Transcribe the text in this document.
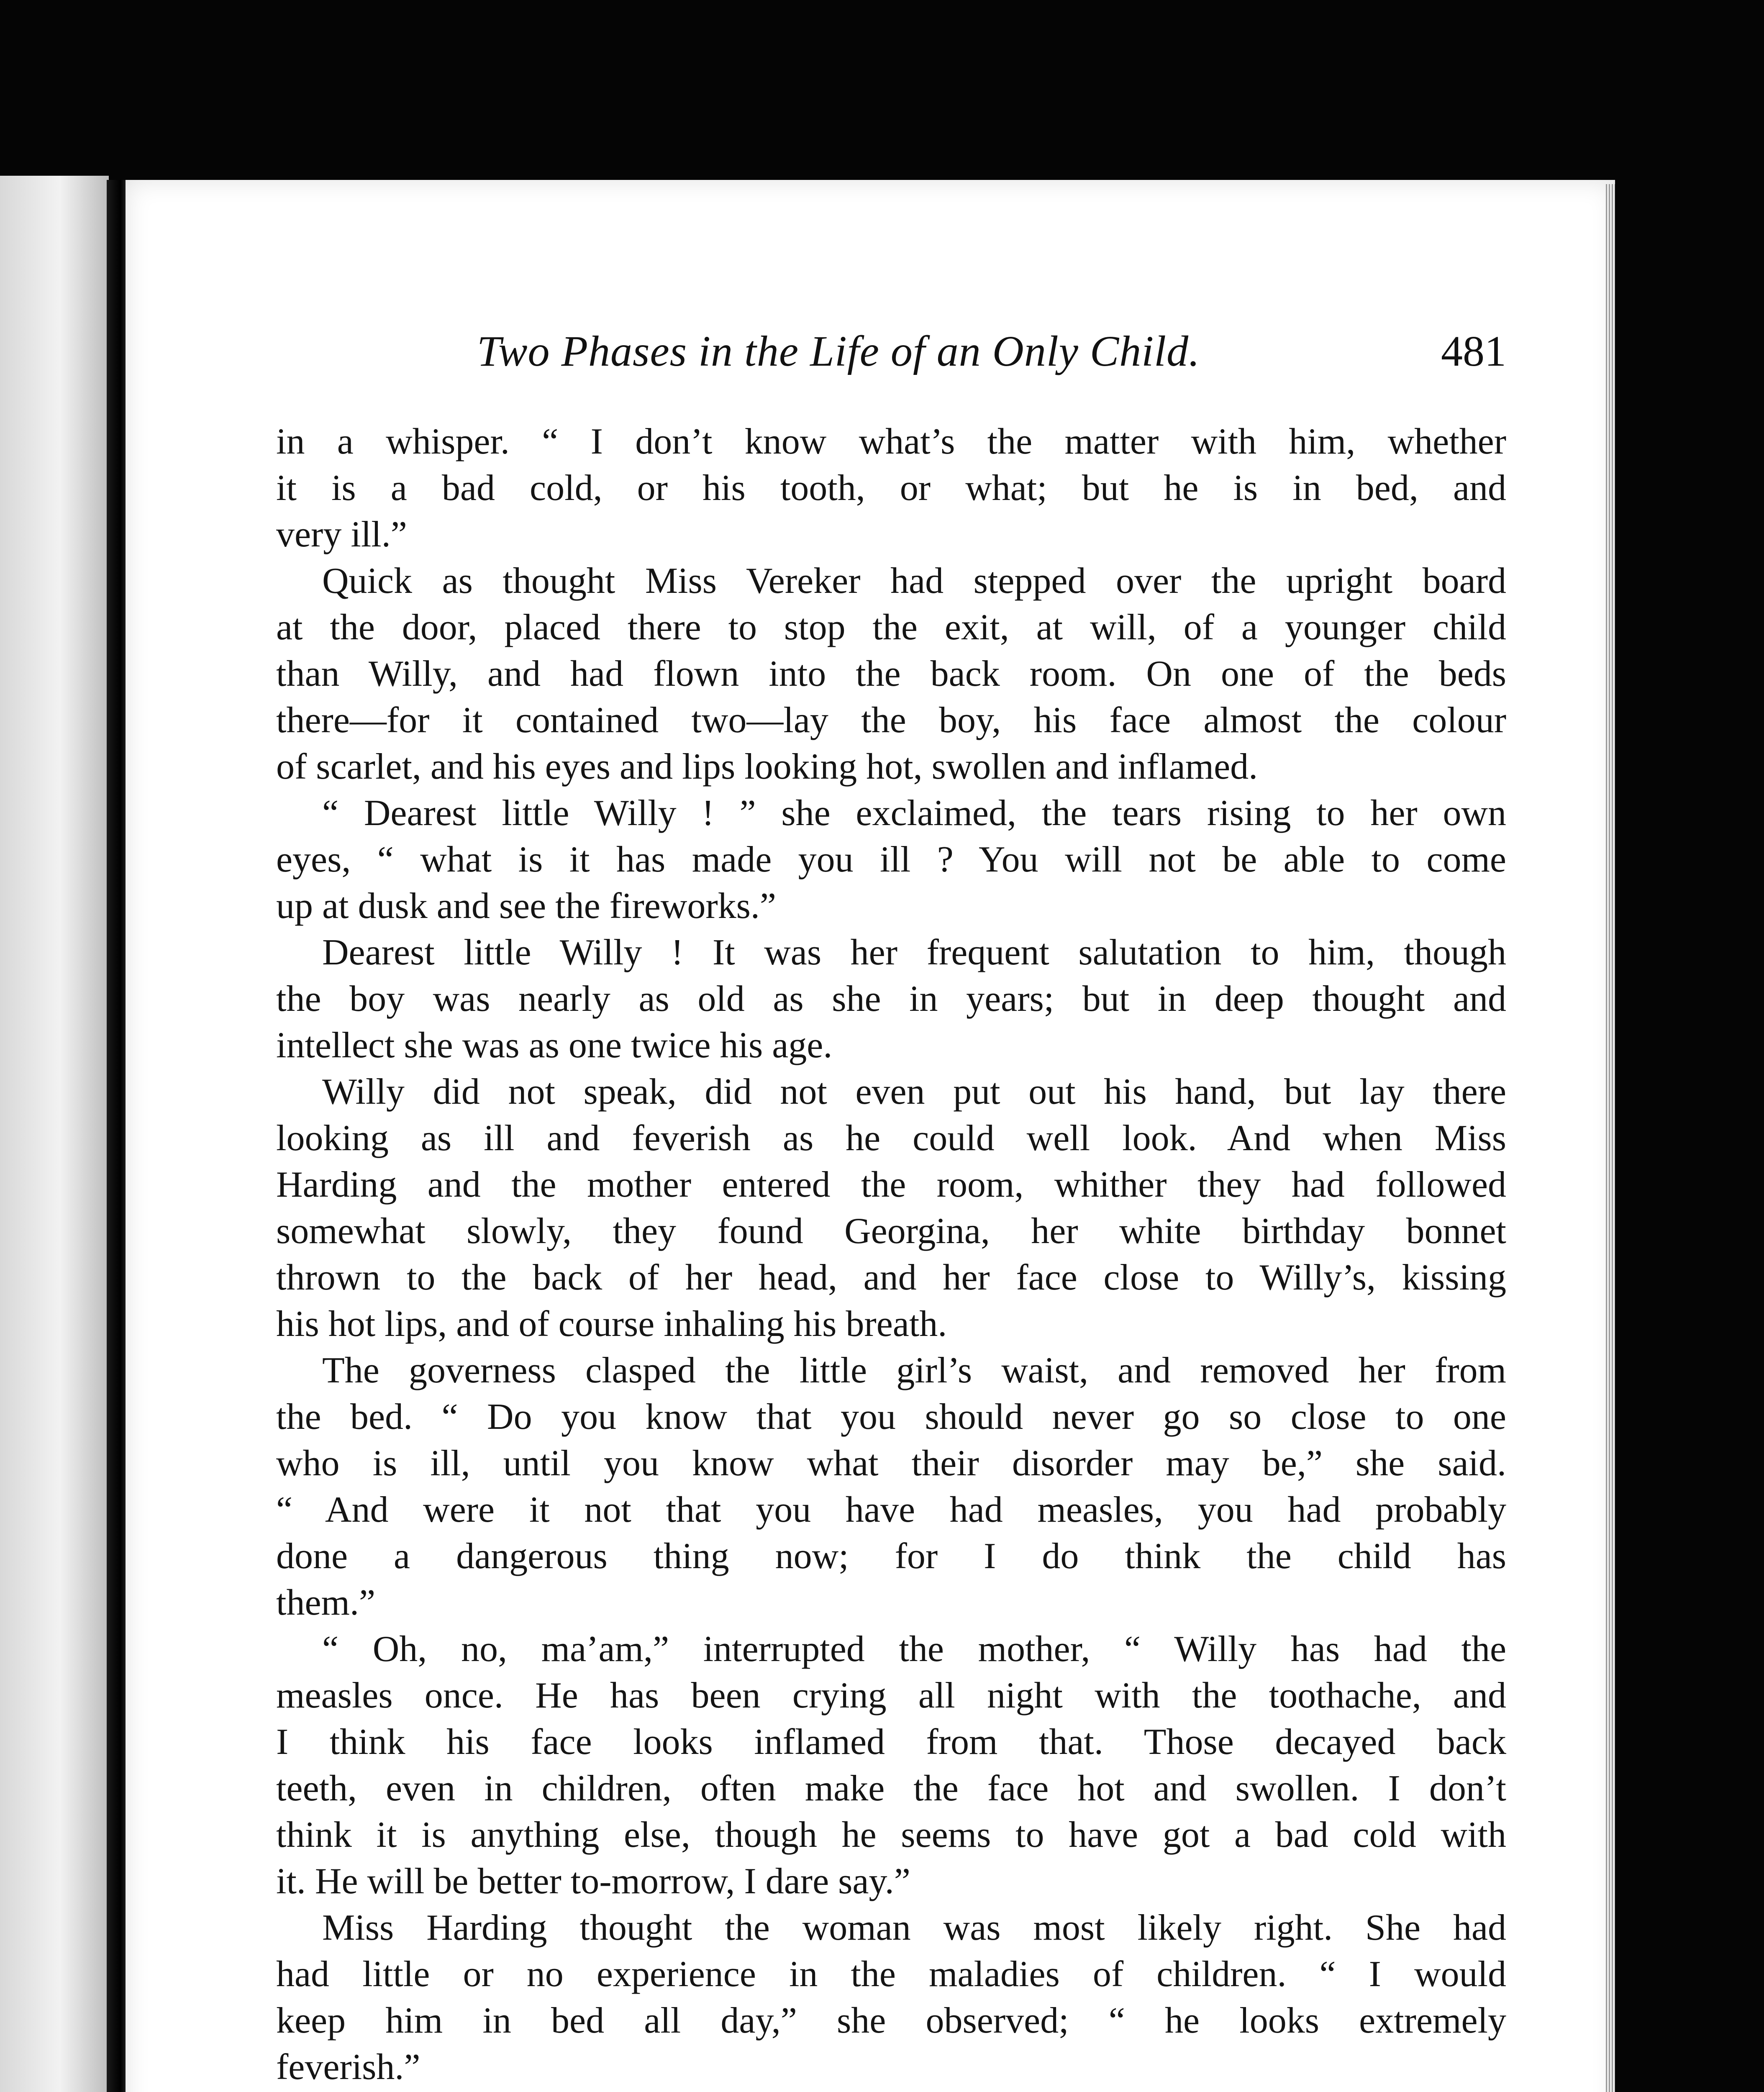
Two Phases in the Life of an Only Child.	481

in a whisper. “ I don’t know what’s the matter with him, whether
it is a bad cold, or his tooth, or what; but he is in bed, and
very ill.”

Quick as thought Miss Vereker had stepped over the upright board
at the door, placed there to stop the exit, at will, of a younger child
than Willy, and had flown into the back room. On one of the beds
there—for it contained two—lay the boy, his face almost the colour
of scarlet, and his eyes and lips looking hot, swollen and inflamed.

“ Dearest little Willy ! ” she exclaimed, the tears rising to her own
eyes, “ what is it has made you ill ? You will not be able to come
up at dusk and see the fireworks.”

Dearest little Willy ! It was her frequent salutation to him, though
the boy was nearly as old as she in years; but in deep thought and
intellect she was as one twice his age.

Willy did not speak, did not even put out his hand, but lay there
looking as ill and feverish as he could well look. And when Miss
Harding and the mother entered the room, whither they had followed
somewhat slowly, they found Georgina, her white birthday bonnet
thrown to the back of her head, and her face close to Willy’s, kissing
his hot lips, and of course inhaling his breath.

The governess clasped the little girl’s waist, and removed her from
the bed. “ Do you know that you should never go so close to one
who is ill, until you know what their disorder may be,” she said.
“ And were it not that you have had measles, you had probably
done a dangerous thing now; for I do think the child has
them.”

“ Oh, no, ma’am,” interrupted the mother, “ Willy has had the
measles once. He has been crying all night with the toothache, and
I think his face looks inflamed from that. Those decayed back
teeth, even in children, often make the face hot and swollen. I don’t
think it is anything else, though he seems to have got a bad cold with
it. He will be better to-morrow, I dare say.”

Miss Harding thought the woman was most likely right. She had
had little or no experience in the maladies of children. “ I would
keep him in bed all day,” she observed; “ he looks extremely
feverish.”
